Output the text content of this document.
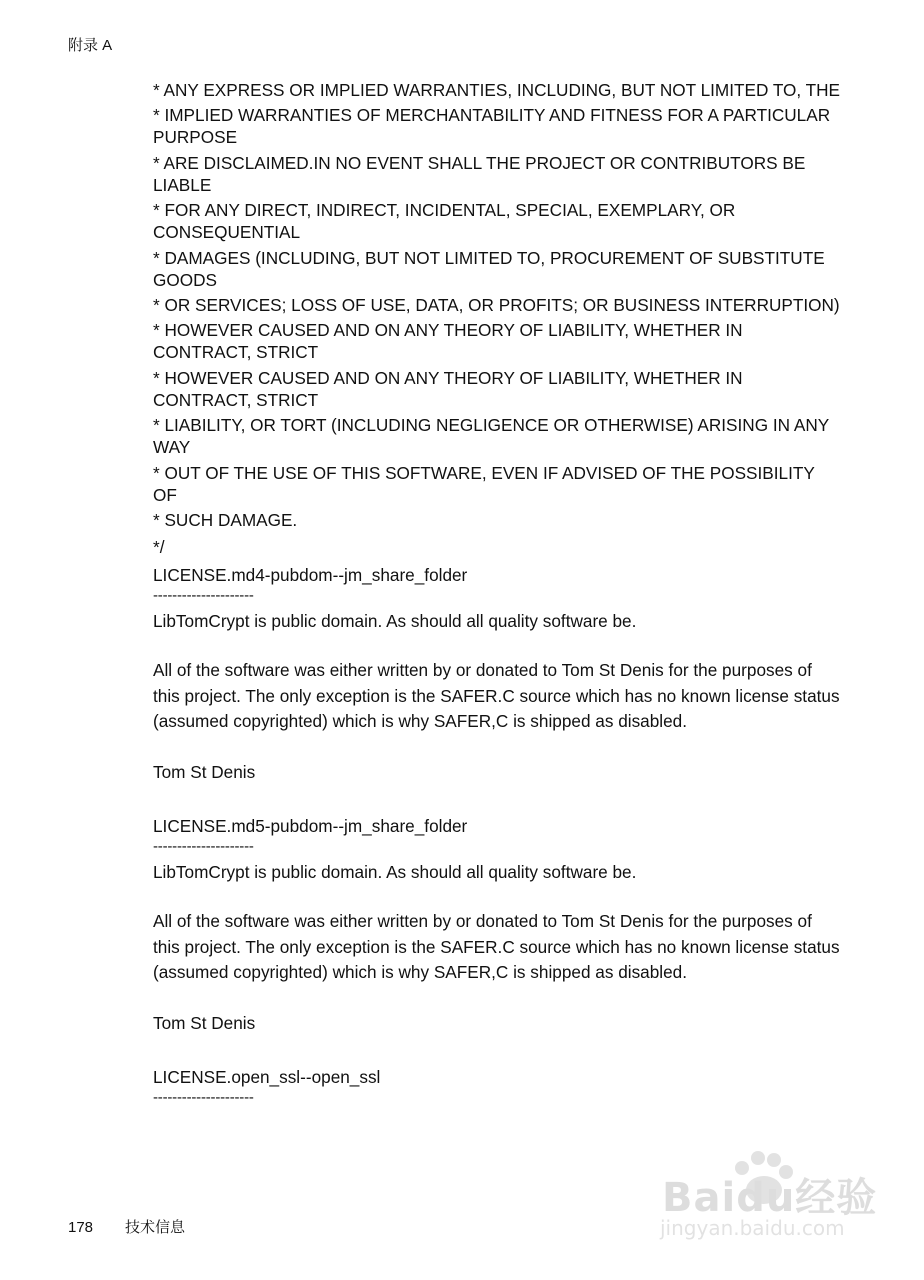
附录 A
* ANY EXPRESS OR IMPLIED WARRANTIES, INCLUDING, BUT NOT LIMITED TO, THE
* IMPLIED WARRANTIES OF MERCHANTABILITY AND FITNESS FOR A PARTICULAR PURPOSE
* ARE DISCLAIMED.IN NO EVENT SHALL THE PROJECT OR CONTRIBUTORS BE LIABLE
* FOR ANY DIRECT, INDIRECT, INCIDENTAL, SPECIAL, EXEMPLARY, OR CONSEQUENTIAL
* DAMAGES (INCLUDING, BUT NOT LIMITED TO, PROCUREMENT OF SUBSTITUTE GOODS
* OR SERVICES; LOSS OF USE, DATA, OR PROFITS; OR BUSINESS INTERRUPTION)
* HOWEVER CAUSED AND ON ANY THEORY OF LIABILITY, WHETHER IN CONTRACT, STRICT
* HOWEVER CAUSED AND ON ANY THEORY OF LIABILITY, WHETHER IN CONTRACT, STRICT
* LIABILITY, OR TORT (INCLUDING NEGLIGENCE OR OTHERWISE) ARISING IN ANY WAY
* OUT OF THE USE OF THIS SOFTWARE, EVEN IF ADVISED OF THE POSSIBILITY OF
* SUCH DAMAGE.
*/
LICENSE.md4-pubdom--jm_share_folder
---------------------
LibTomCrypt is public domain. As should all quality software be.
All of the software was either written by or donated to Tom St Denis for the purposes of this project. The only exception is the SAFER.C source which has no known license status (assumed copyrighted) which is why SAFER,C is shipped as disabled.
Tom St Denis
LICENSE.md5-pubdom--jm_share_folder
---------------------
LibTomCrypt is public domain. As should all quality software be.
All of the software was either written by or donated to Tom St Denis for the purposes of this project. The only exception is the SAFER.C source which has no known license status (assumed copyrighted) which is why SAFER,C is shipped as disabled.
Tom St Denis
LICENSE.open_ssl--open_ssl
---------------------
178 技术信息
Baidu经验
jingyan.baidu.com
